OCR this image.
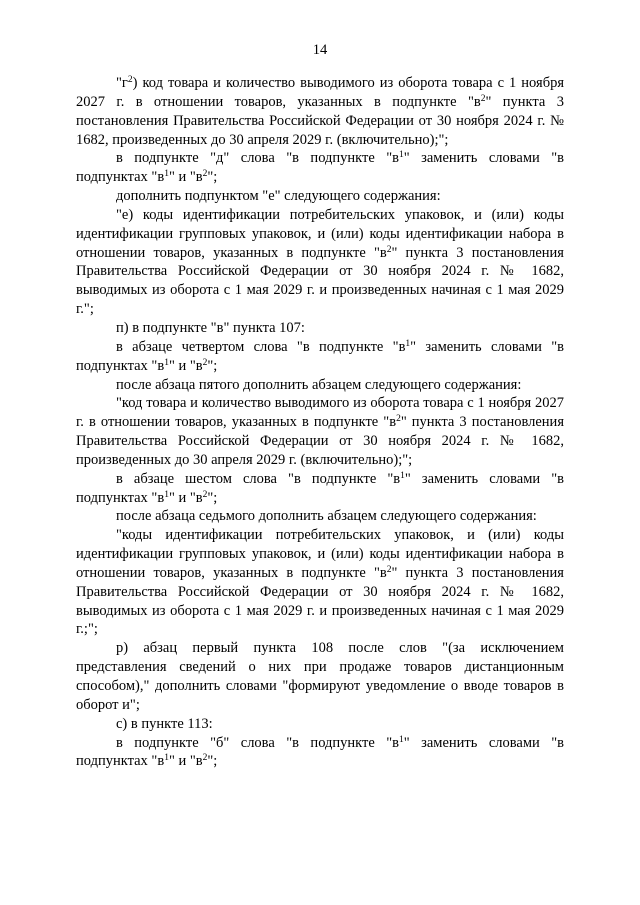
14

"$г^2$) код товара и количество выводимого из оборота товара с 1 ноября 2027 г. в отношении товаров, указанных в подпункте "$в^2$" пункта 3 постановления Правительства Российской Федерации от 30 ноября 2024 г. № 1682, произведенных до 30 апреля 2029 г. (включительно);";

в подпункте "д" слова "в подпункте "$в^1$" заменить словами "в подпунктах "$в^1$" и "$в^2$";

дополнить подпунктом "е" следующего содержания:

"е) коды идентификации потребительских упаковок, и (или) коды идентификации групповых упаковок, и (или) коды идентификации набора в отношении товаров, указанных в подпункте "$в^2$" пункта 3 постановления Правительства Российской Федерации от 30 ноября 2024 г. № 1682, выводимых из оборота с 1 мая 2029 г. и произведенных начиная с 1 мая 2029 г.";

п) в подпункте "в" пункта 107:

в абзаце четвертом слова "в подпункте "$в^1$" заменить словами "в подпунктах "$в^1$" и "$в^2$";

после абзаца пятого дополнить абзацем следующего содержания:

"код товара и количество выводимого из оборота товара с 1 ноября 2027 г. в отношении товаров, указанных в подпункте "$в^2$" пункта 3 постановления Правительства Российской Федерации от 30 ноября 2024 г. № 1682, произведенных до 30 апреля 2029 г. (включительно);";

в абзаце шестом слова "в подпункте "$в^1$" заменить словами "в подпунктах "$в^1$" и "$в^2$";

после абзаца седьмого дополнить абзацем следующего содержания:

"коды идентификации потребительских упаковок, и (или) коды идентификации групповых упаковок, и (или) коды идентификации набора в отношении товаров, указанных в подпункте "$в^2$" пункта 3 постановления Правительства Российской Федерации от 30 ноября 2024 г. № 1682, выводимых из оборота с 1 мая 2029 г. и произведенных начиная с 1 мая 2029 г.;";

р) абзац первый пункта 108 после слов "(за исключением представления сведений о них при продаже товаров дистанционным способом)," дополнить словами "формируют уведомление о вводе товаров в оборот и";

с) в пункте 113:

в подпункте "б" слова "в подпункте "$в^1$" заменить словами "в подпунктах "$в^1$" и "$в^2$";
